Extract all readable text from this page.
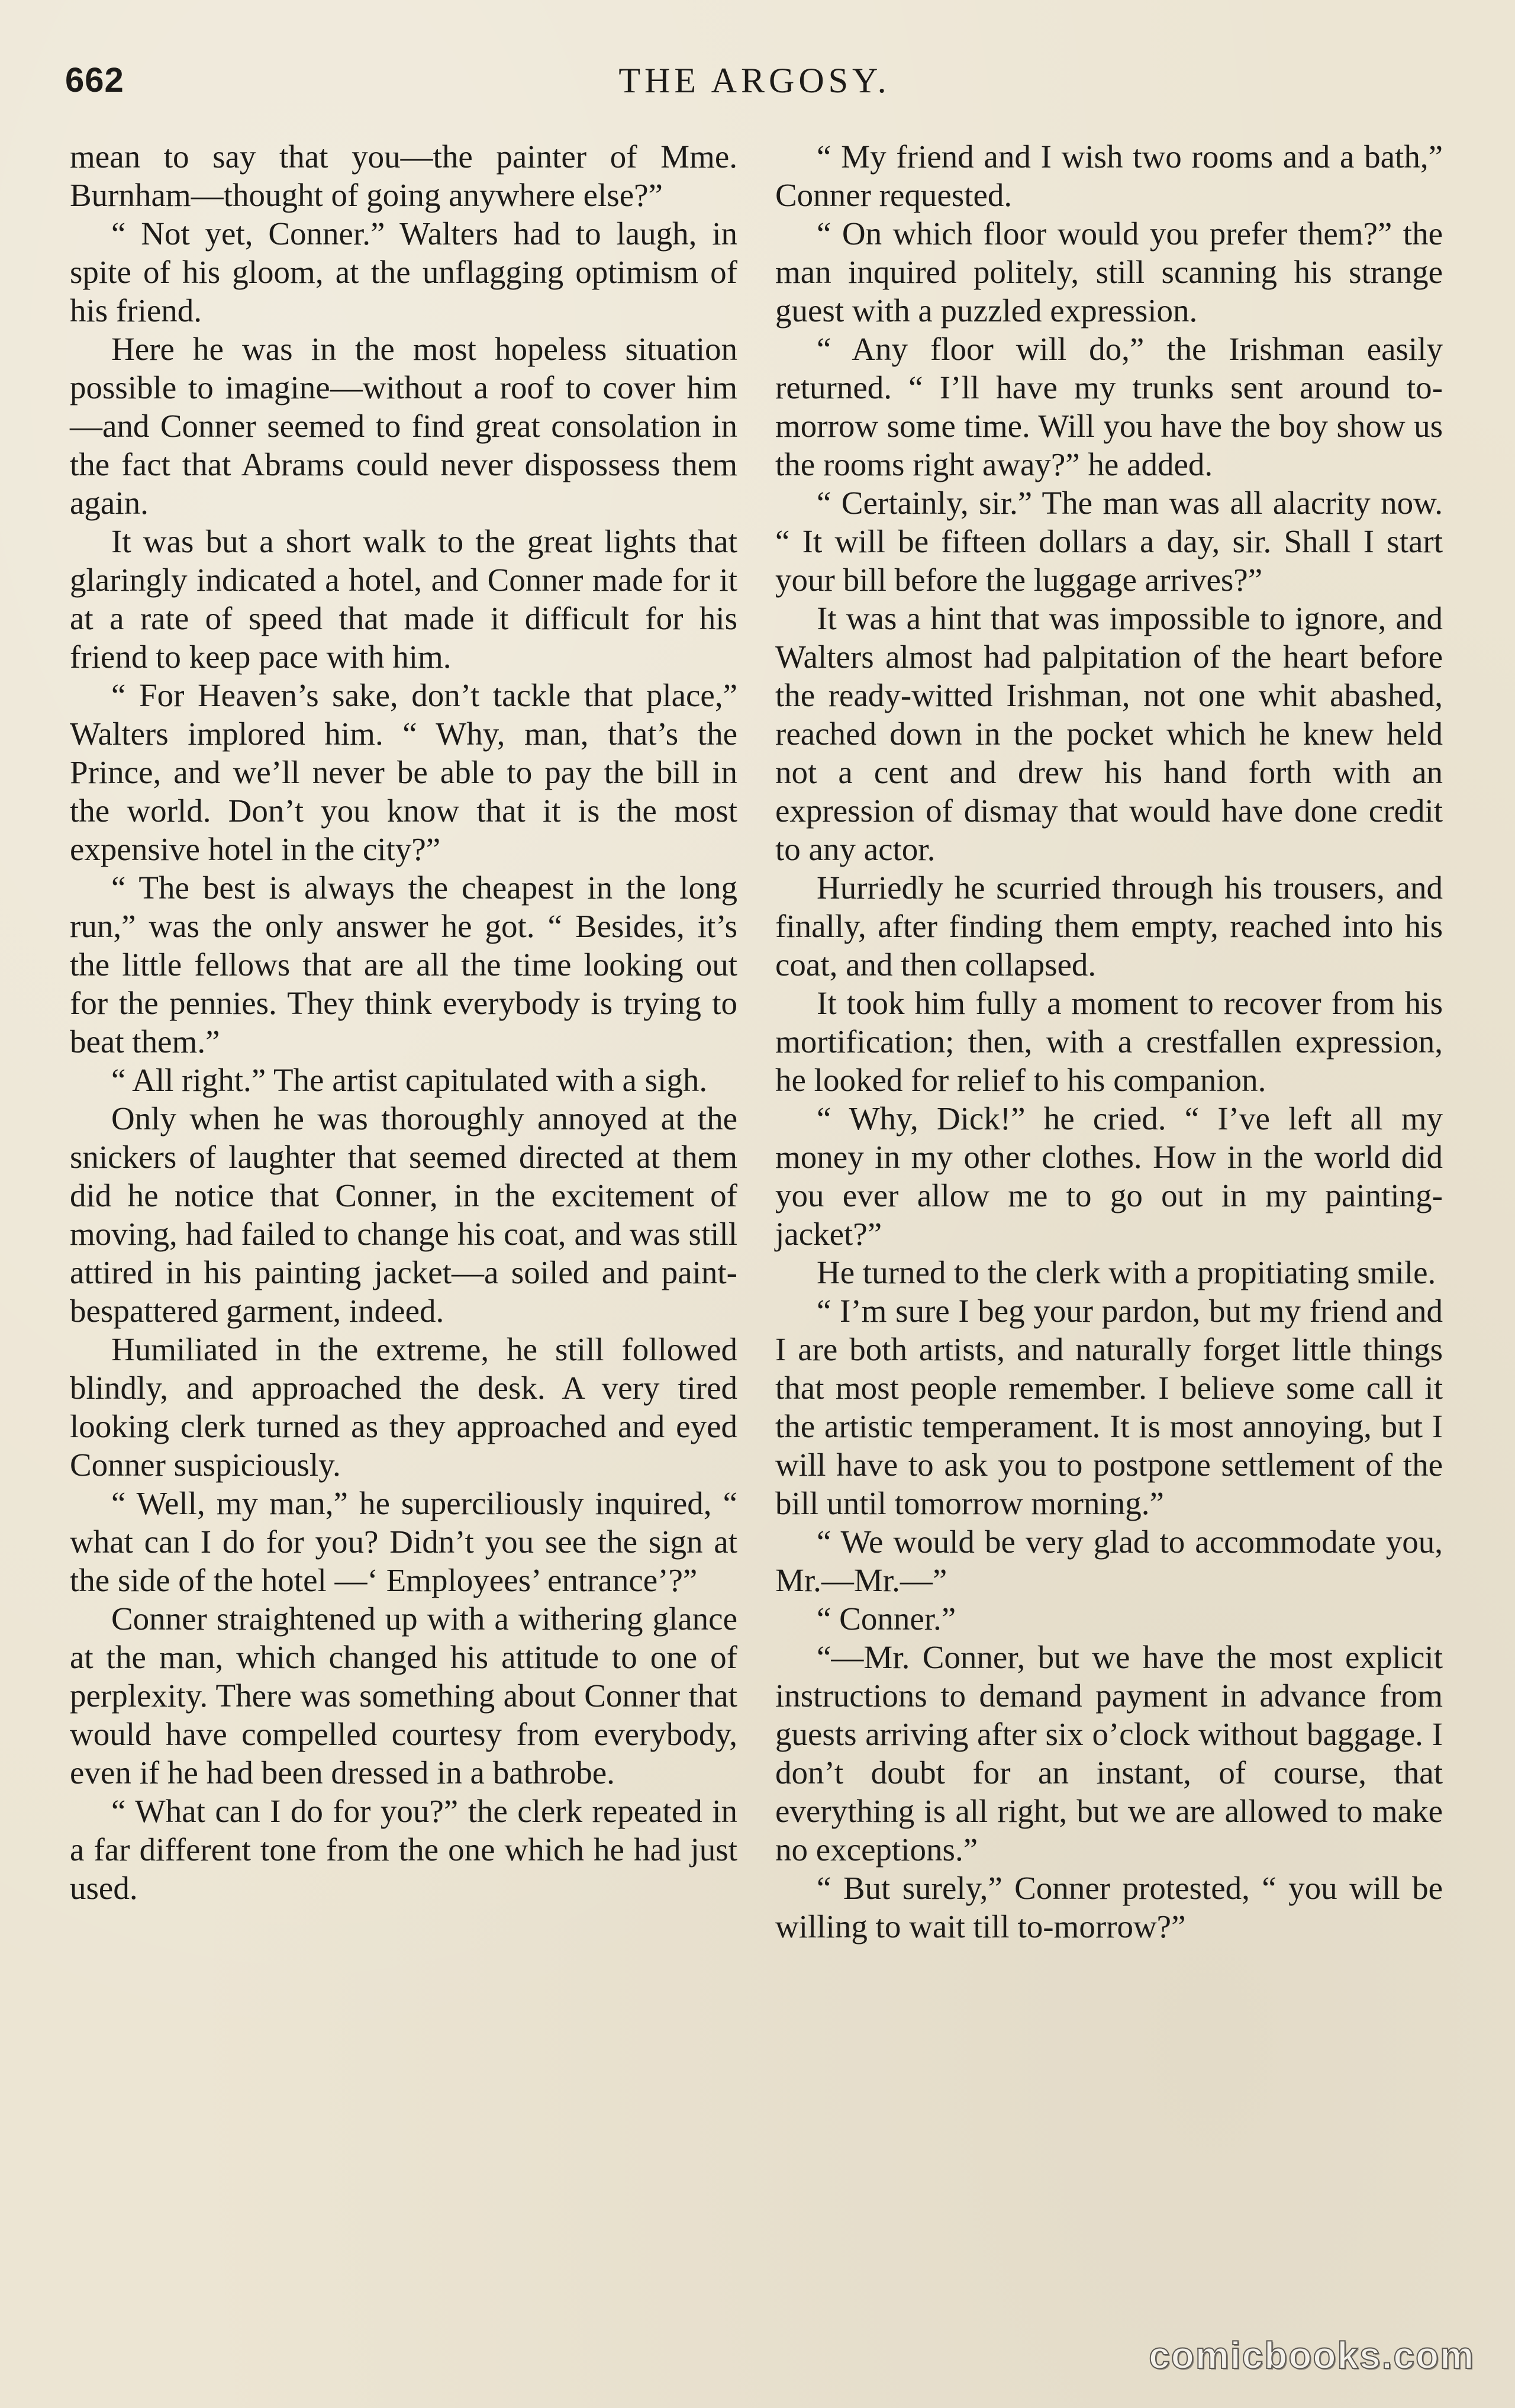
662	THE ARGOSY.

mean to say that you—the painter of Mme. Burnham—thought of going anywhere else?”

“ Not yet, Conner.” Walters had to laugh, in spite of his gloom, at the unflagging optimism of his friend.

Here he was in the most hopeless situation possible to imagine—without a roof to cover him—and Conner seemed to find great consolation in the fact that Abrams could never dispossess them again.

It was but a short walk to the great lights that glaringly indicated a hotel, and Conner made for it at a rate of speed that made it difficult for his friend to keep pace with him.

“ For Heaven’s sake, don’t tackle that place,” Walters implored him. “ Why, man, that’s the Prince, and we’ll never be able to pay the bill in the world. Don’t you know that it is the most expensive hotel in the city?”

“ The best is always the cheapest in the long run,” was the only answer he got. “ Besides, it’s the little fellows that are all the time looking out for the pennies. They think everybody is trying to beat them.”

“ All right.” The artist capitulated with a sigh.

Only when he was thoroughly annoyed at the snickers of laughter that seemed directed at them did he notice that Conner, in the excitement of moving, had failed to change his coat, and was still attired in his painting jacket—a soiled and paint-bespattered garment, indeed.

Humiliated in the extreme, he still followed blindly, and approached the desk. A very tired looking clerk turned as they approached and eyed Conner suspiciously.

“ Well, my man,” he superciliously inquired, “ what can I do for you? Didn’t you see the sign at the side of the hotel —‘ Employees’ entrance’?”

Conner straightened up with a withering glance at the man, which changed his attitude to one of perplexity. There was something about Conner that would have compelled courtesy from everybody, even if he had been dressed in a bathrobe.

“ What can I do for you?” the clerk repeated in a far different tone from the one which he had just used.

“ My friend and I wish two rooms and a bath,” Conner requested.

“ On which floor would you prefer them?” the man inquired politely, still scanning his strange guest with a puzzled expression.

“ Any floor will do,” the Irishman easily returned. “ I’ll have my trunks sent around to-morrow some time. Will you have the boy show us the rooms right away?” he added.

“ Certainly, sir.” The man was all alacrity now. “ It will be fifteen dollars a day, sir. Shall I start your bill before the luggage arrives?”

It was a hint that was impossible to ignore, and Walters almost had palpitation of the heart before the ready-witted Irishman, not one whit abashed, reached down in the pocket which he knew held not a cent and drew his hand forth with an expression of dismay that would have done credit to any actor.

Hurriedly he scurried through his trousers, and finally, after finding them empty, reached into his coat, and then collapsed.

It took him fully a moment to recover from his mortification; then, with a crestfallen expression, he looked for relief to his companion.

“ Why, Dick!” he cried. “ I’ve left all my money in my other clothes. How in the world did you ever allow me to go out in my painting-jacket?”

He turned to the clerk with a propitiating smile.

“ I’m sure I beg your pardon, but my friend and I are both artists, and naturally forget little things that most people remember. I believe some call it the artistic temperament. It is most annoying, but I will have to ask you to postpone settlement of the bill until tomorrow morning.”

“ We would be very glad to accommodate you, Mr.—Mr.—”

“ Conner.”

“—Mr. Conner, but we have the most explicit instructions to demand payment in advance from guests arriving after six o’clock without baggage. I don’t doubt for an instant, of course, that everything is all right, but we are allowed to make no exceptions.”

“ But surely,” Conner protested, “ you will be willing to wait till to-morrow?”

comicbooks.com
